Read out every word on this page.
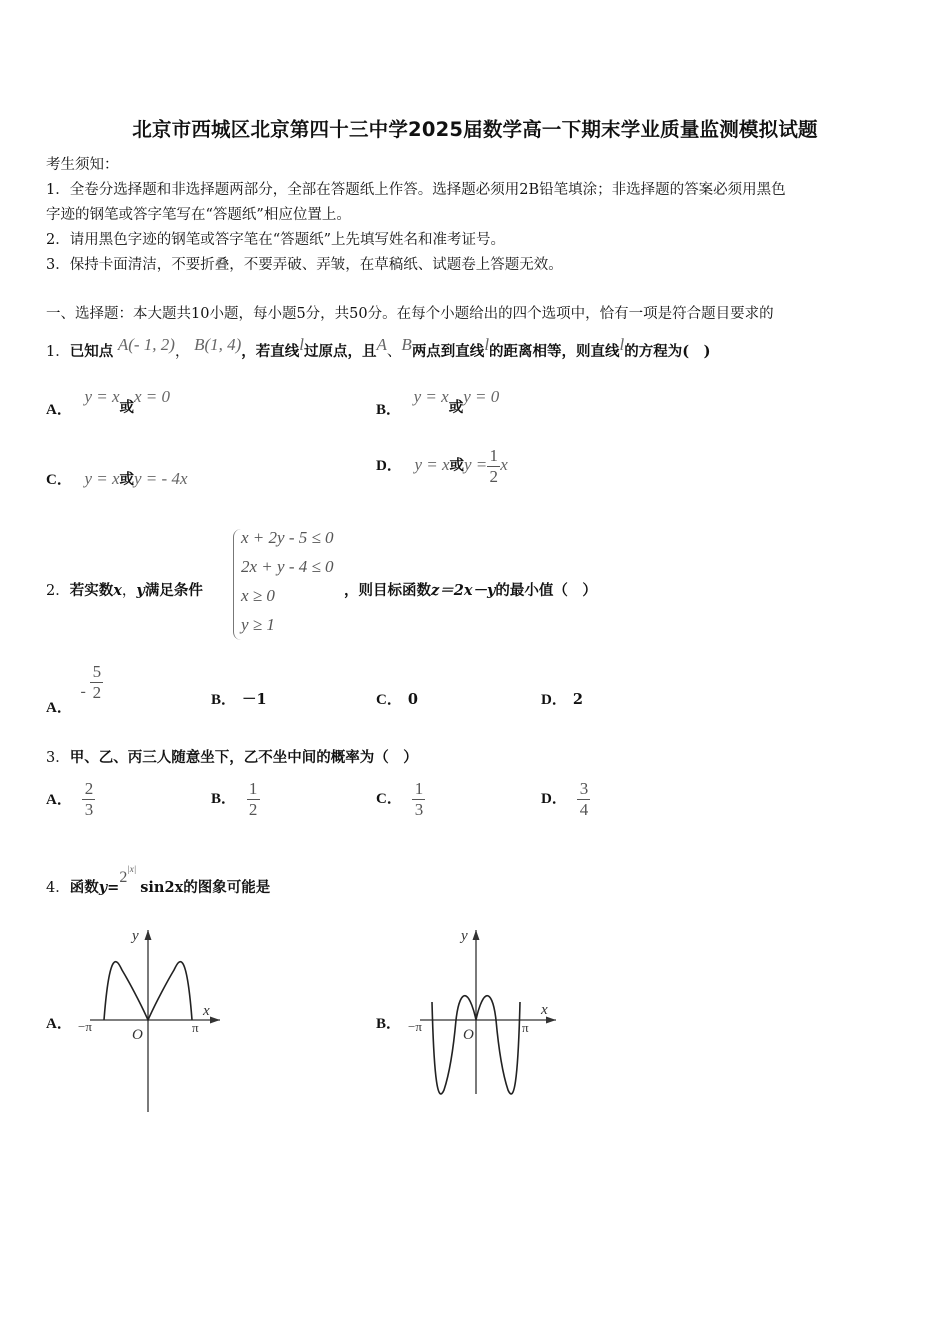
北京市西城区北京第四十三中学2025届数学高一下期末学业质量监测模拟试题
考生须知：
1．全卷分选择题和非选择题两部分，全部在答题纸上作答。选择题必须用2B铅笔填涂；非选择题的答案必须用黑色
字迹的钢笔或答字笔写在“答题纸”相应位置上。
2．请用黑色字迹的钢笔或答字笔在“答题纸”上先填写姓名和准考证号。
3．保持卡面清洁，不要折叠，不要弄破、弄皱，在草稿纸、试题卷上答题无效。
一、选择题：本大题共10小题，每小题5分，共50分。在每个小题给出的四个选项中，恰有一项是符合题目要求的
1．已知点 A(- 1, 2)， B(1, 4)，若直线l过原点，且A、B两点到直线l的距离相等，则直线l的方程为(　)
A． y = x或x = 0
B． y = x或y = 0
C． y = x或y = - 4x
D． y = x或$y = \frac{1}{2}$ x
2．若实数x，y满足条件
x + 2y - 5 ≤ 0
2x + y - 4 ≤ 0
x ≥ 0
y ≥ 1
，则目标函数z＝2x－y的最小值（　）
A． - $\frac{5}{2}$	B． －1	C． 0	D． 2
3．甲、乙、丙三人随意坐下，乙不坐中间的概率为（　）
A． $\frac{2}{3}$	B． $\frac{1}{2}$	C． $\frac{1}{3}$	D． $\frac{3}{4}$
4．函数$y=2^{|x|}\sin 2x$的图象可能是
A．
y
x
O
−π	π	B．
y
x
O
−π	π
